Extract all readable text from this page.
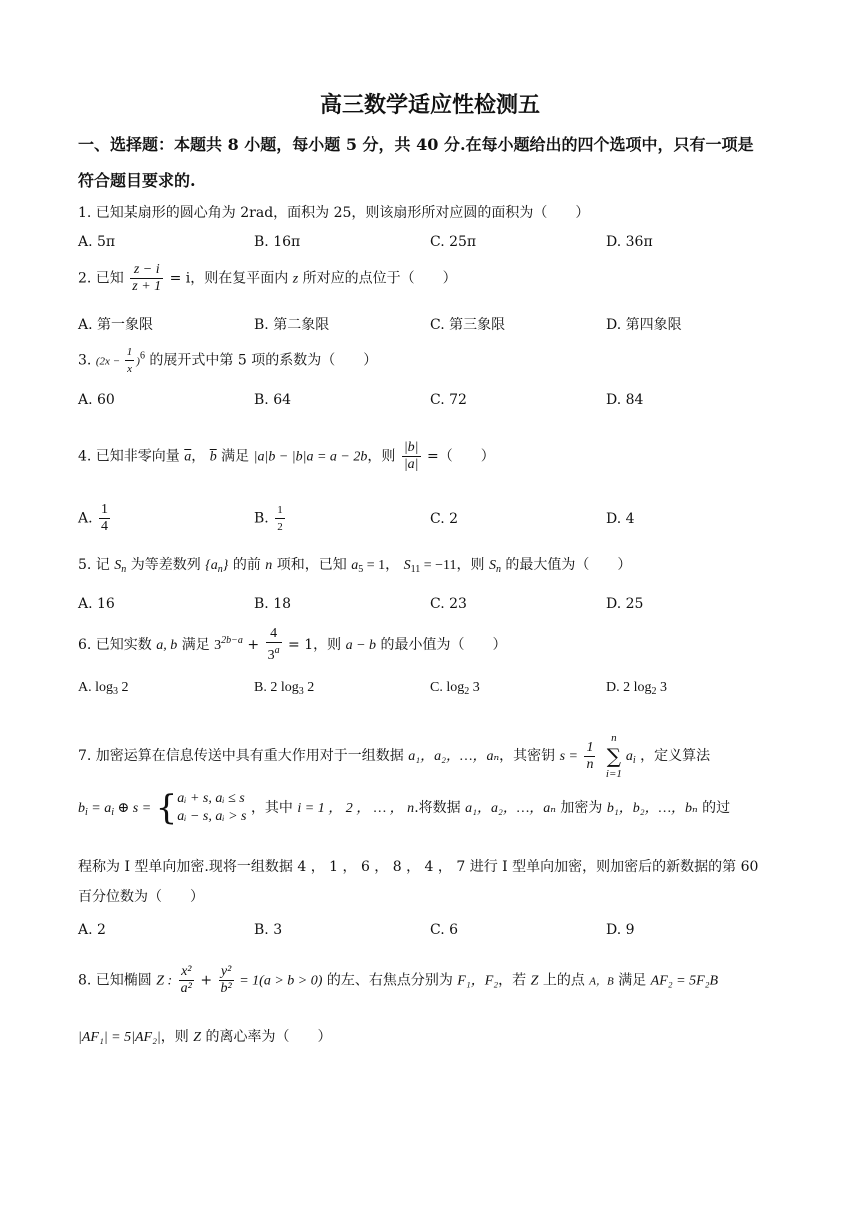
高三数学适应性检测五
一、选择题：本题共 8 小题，每小题 5 分，共 40 分.在每小题给出的四个选项中，只有一项是
符合题目要求的.
1. 已知某扇形的圆心角为 2rad，面积为 25，则该扇形所对应圆的面积为（　　）
A. 5π	B. 16π	C. 25π	D. 36π
2. 已知 $\frac{z - i}{z + 1} = i$，则在复平面内 z 所对应的点位于（　　）
A. 第一象限	B. 第二象限	C. 第三象限	D. 第四象限
3. $(2x - \frac{1}{x} )^6$ 的展开式中第 5 项的系数为（　　）
A. 60	B. 64	C. 72	D. 84
4. 已知非零向量 $\overline{a}$， $\overline{b}$ 满足 |a|b − |b|a = a − 2b，则 $\frac{|b|}{|a|}$ =（　　）
A. $\frac{1}{4}$	B. $\frac{1}{2}$	C. 2	D. 4
5. 记 $S_n$ 为等差数列 $\{a_n\}$ 的前 n 项和，已知 $a_5 = 1$， $S_{11} = -11$，则 $S_n$ 的最大值为（　　）
A. 16	B. 18	C. 23	D. 25
6. 已知实数 a, b 满足 $3^{2b-a} + \frac{4}{3^a} = 1$，则 a − b 的最小值为（　　）
A. $\log_3 2$	B. 2 $\log_3 2$	C. $\log_2 3$	D. 2 $\log_2 3$
7. 加密运算在信息传送中具有重大作用对于一组数据 a₁，a₂，…，aₙ，其密钥 $s = \frac{1}{n}$

n
∑
i=1
$a_i$ ，定义算法
$b_i = a_i$ ⊕ s = { aᵢ + s, aᵢ ≤ s
aᵢ − s, aᵢ > s
，其中 i = 1 ， 2 ， … ， n.将数据 a₁，a₂，…，aₙ 加密为 b₁，b₂，…，bₙ 的过
程称为 I 型单向加密.现将一组数据 4 ， 1 ， 6 ， 8 ， 4 ， 7 进行 I 型单向加密，则加密后的新数据的第 60
百分位数为（　　）
A. 2	B. 3	C. 6	D. 9
8. 已知椭圆 Z : $\frac{\text{x²}}{\text{a²}} + \frac{\text{y²}}{\text{b²}} = 1(a > b > 0)$ 的左、右焦点分别为 F₁，F₂，若 Z 上的点 A，B 满足 AF₂ = 5F₂B
|AF₁| = 5|AF₂|，则 Z 的离心率为（　　）
